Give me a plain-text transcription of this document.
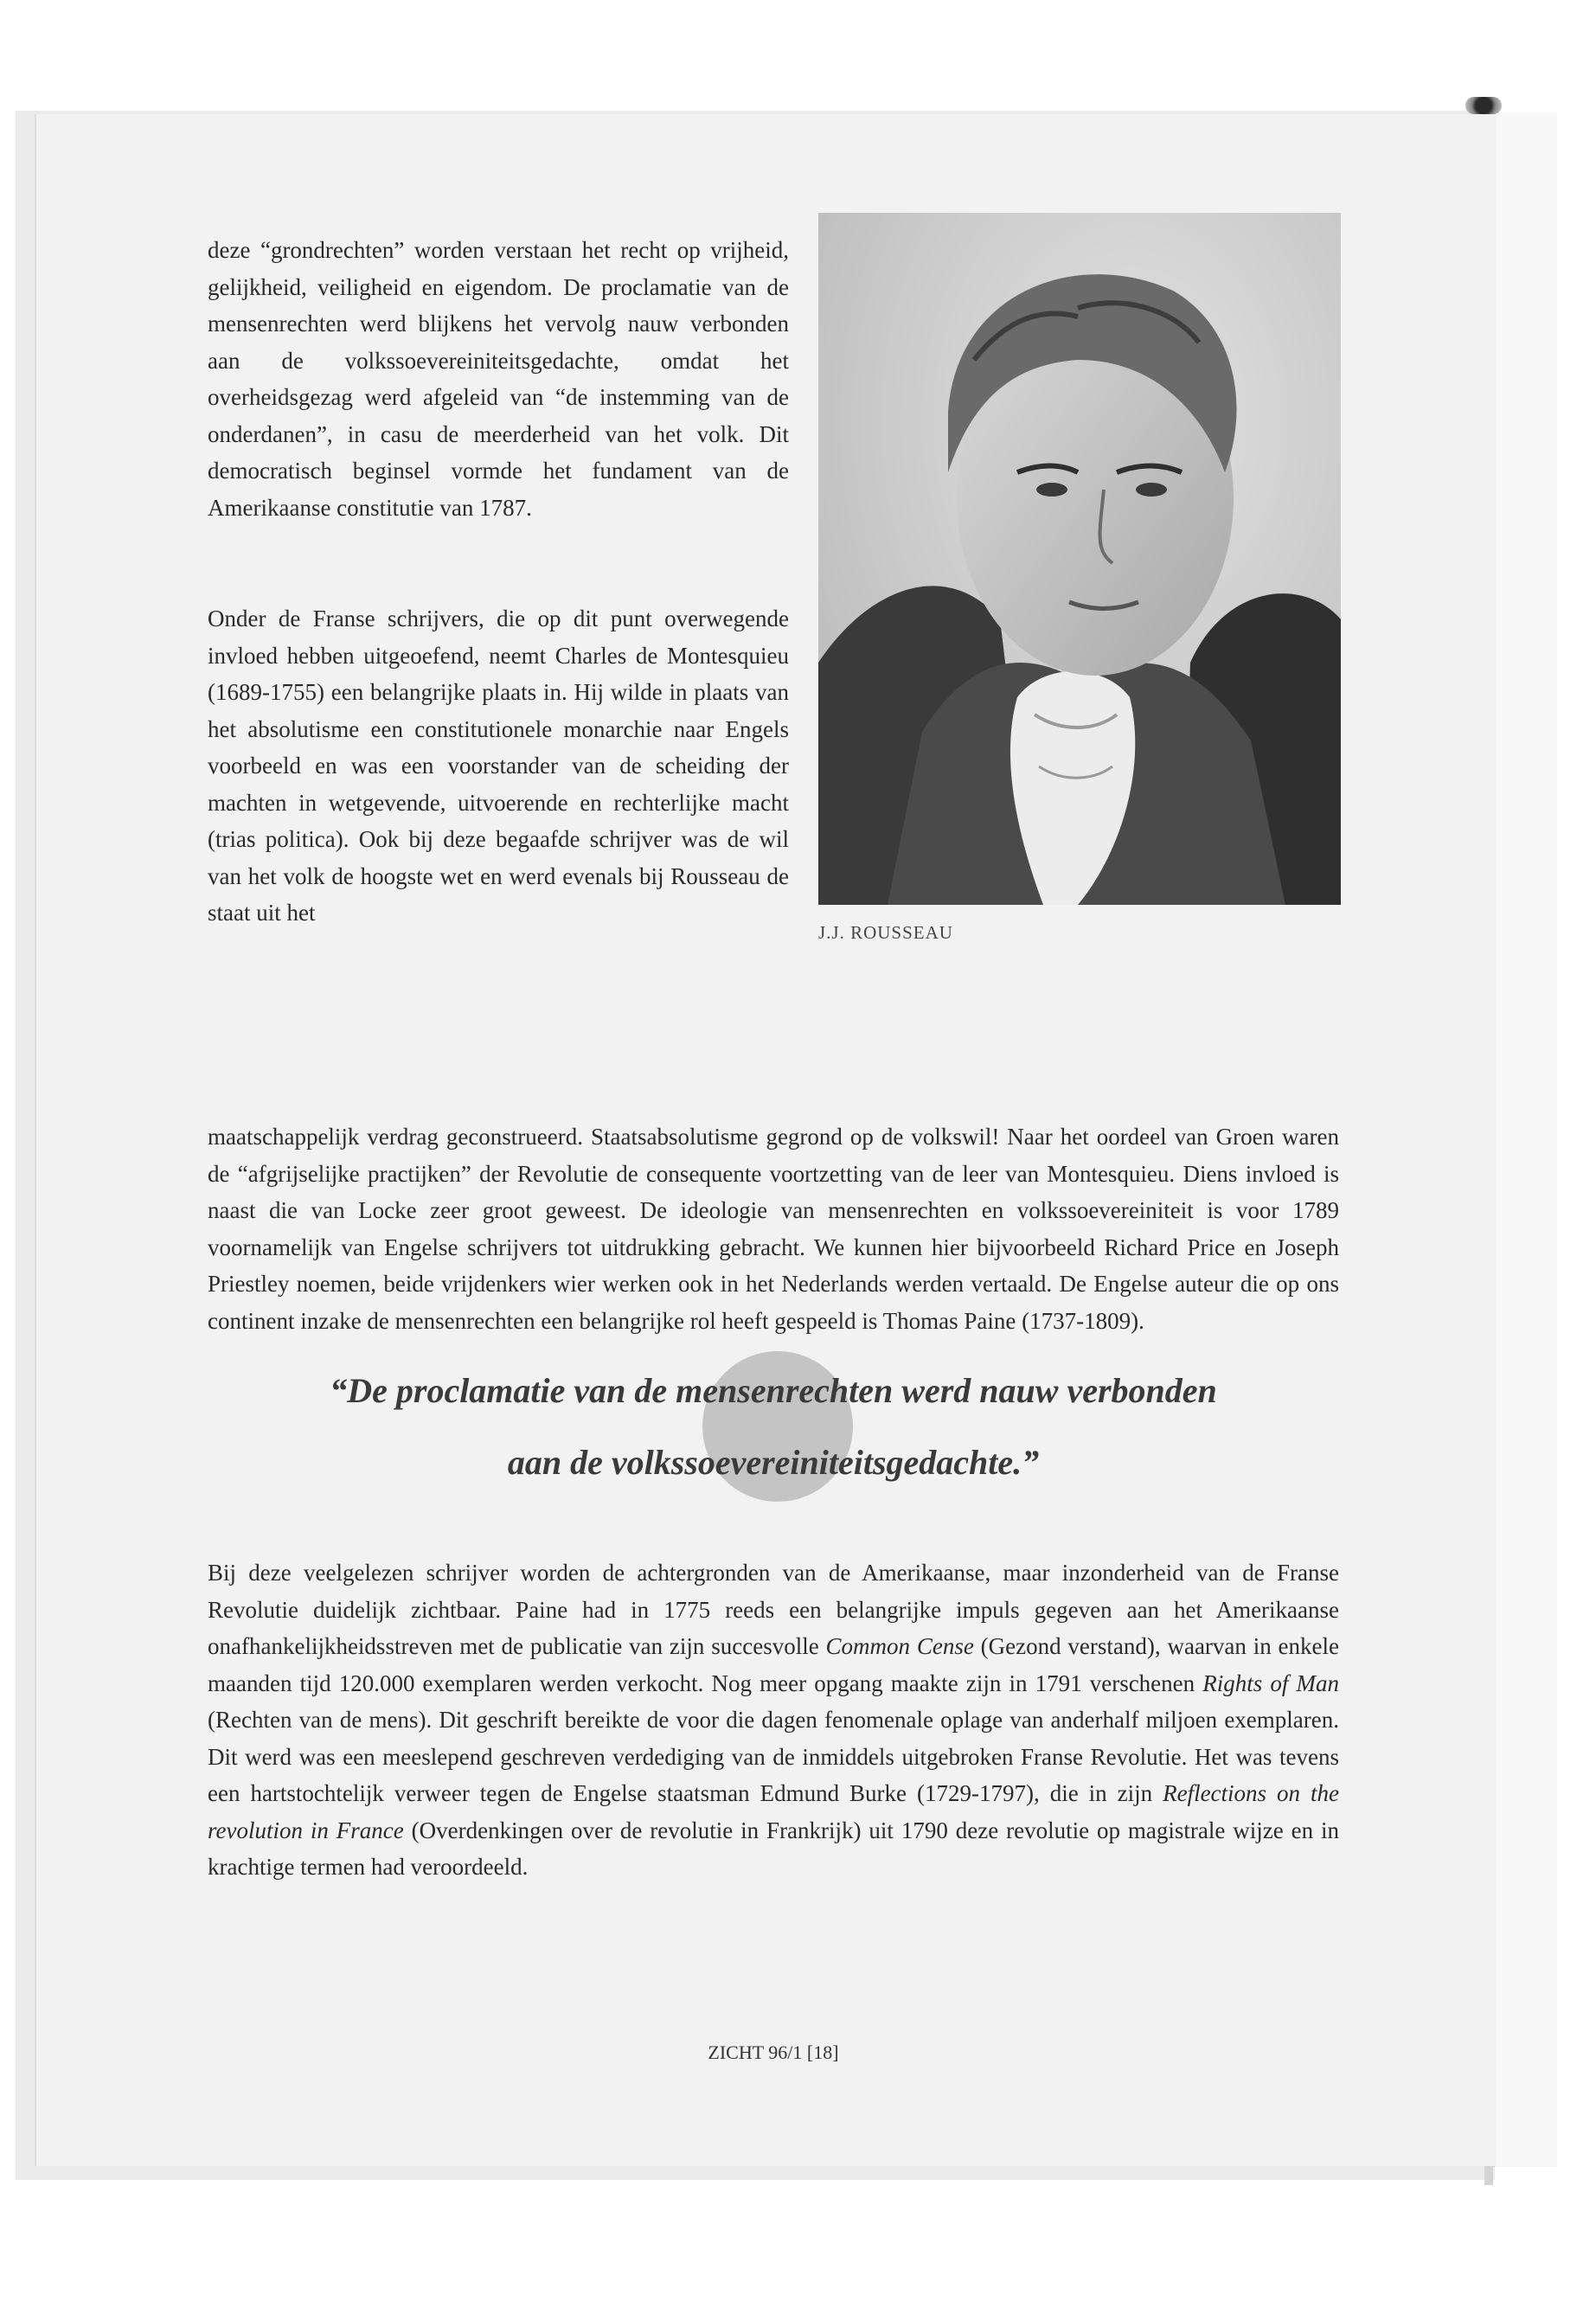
deze “grondrechten” worden verstaan het recht op vrijheid, gelijkheid, veiligheid en eigendom. De proclamatie van de mensenrechten werd blijkens het vervolg nauw verbonden aan de volkssoevereiniteitsgedachte, omdat het overheidsgezag werd afgeleid van “de instemming van de onderdanen”, in casu de meerderheid van het volk. Dit democratisch beginsel vormde het fundament van de Amerikaanse constitutie van 1787.

Onder de Franse schrijvers, die op dit punt overwegende invloed hebben uitgeoefend, neemt Charles de Montesquieu (1689-1755) een belangrijke plaats in. Hij wilde in plaats van het absolutisme een constitutionele monarchie naar Engels voorbeeld en was een voorstander van de scheiding der machten in wetgevende, uitvoerende en rechterlijke macht (trias politica). Ook bij deze begaafde schrijver was de wil van het volk de hoogste wet en werd evenals bij Rousseau de staat uit het

J.J. ROUSSEAU

maatschappelijk verdrag geconstrueerd. Staatsabsolutisme gegrond op de volkswil! Naar het oordeel van Groen waren de “afgrijselijke practijken” der Revolutie de consequente voortzetting van de leer van Montesquieu. Diens invloed is naast die van Locke zeer groot geweest. De ideologie van mensenrechten en volkssoevereiniteit is voor 1789 voornamelijk van Engelse schrijvers tot uitdrukking gebracht. We kunnen hier bijvoorbeeld Richard Price en Joseph Priestley noemen, beide vrijdenkers wier werken ook in het Nederlands werden vertaald. De Engelse auteur die op ons continent inzake de mensenrechten een belangrijke rol heeft gespeeld is Thomas Paine (1737-1809).

“De proclamatie van de mensenrechten werd nauw verbonden

aan de volkssoevereiniteitsgedachte.”

Bij deze veelgelezen schrijver worden de achtergronden van de Amerikaanse, maar inzonderheid van de Franse Revolutie duidelijk zichtbaar. Paine had in 1775 reeds een belangrijke impuls gegeven aan het Amerikaanse onafhankelijkheidsstreven met de publicatie van zijn succesvolle Common Cense (Gezond verstand), waarvan in enkele maanden tijd 120.000 exemplaren werden verkocht. Nog meer opgang maakte zijn in 1791 verschenen Rights of Man (Rechten van de mens). Dit geschrift bereikte de voor die dagen fenomenale oplage van anderhalf miljoen exemplaren. Dit werd was een meeslepend geschreven verdediging van de inmiddels uitgebroken Franse Revolutie. Het was tevens een hartstochtelijk verweer tegen de Engelse staatsman Edmund Burke (1729-1797), die in zijn Reflections on the revolution in France (Overdenkingen over de revolutie in Frankrijk) uit 1790 deze revolutie op magistrale wijze en in krachtige termen had veroordeeld.

ZICHT 96/1 [18]
